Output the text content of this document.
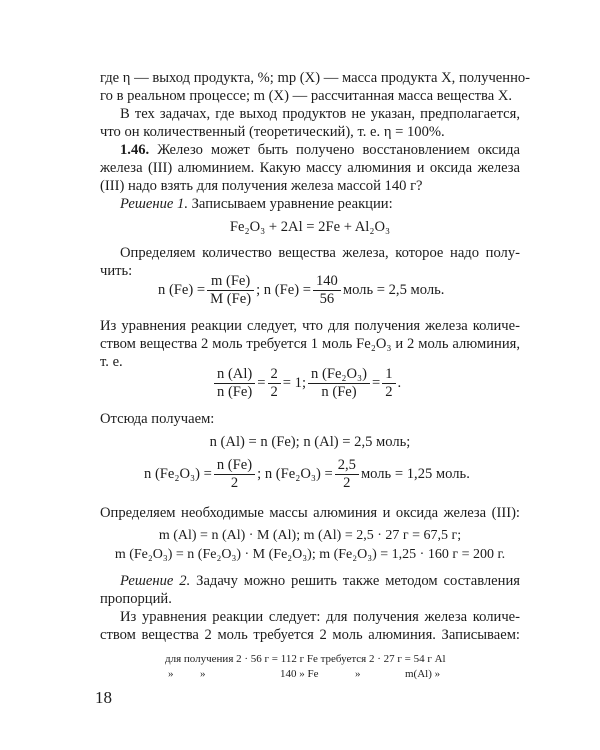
где η — выход продукта, %; mр (X) — масса продукта X, полученно-
го в реальном процессе; m (X) — рассчитанная масса вещества X.
В тех задачах, где выход продуктов не указан, предполагается,
что он количественный (теоретический), т. е. η = 100%.
1.46. Железо может быть получено восстановлением оксида
железа (III) алюминием. Какую массу алюминия и оксида железа
(III) надо взять для получения железа массой 140 г?
Решение 1. Записываем уравнение реакции:
Fe₂O₃ + 2Al = 2Fe + Al₂O₃
Определяем количество вещества железа, которое надо полу-
чить:
n $(Fe) = \frac{m (Fe)}{M (Fe)}$ ; n $(Fe) = \frac{140}{56}$ моль = 2,5 моль.
Из уравнения реакции следует, что для получения железа количе-
ством вещества 2 моль требуется 1 моль Fe₂O₃ и 2 моль алюминия,
т. е.
$\frac{n (Al)}{n (Fe)} = \frac{2}{2} = 1$; $\frac{\text{n (Fe₂O₃)}}{n (Fe)} = \frac{1}{2}$ .
Отсюда получаем:
n (Al) = n (Fe); n (Al) = 2,5 моль;
n $(Fe_2O_3) = \frac{n (Fe)}{2}$ ; n $(Fe_2O_3) = \frac{2,5}{2}$ моль = 1,25 моль.
Определяем необходимые массы алюминия и оксида железа (III):
m (Al) = n (Al) · M (Al); m (Al) = 2,5 · 27 г = 67,5 г;
m (Fe₂O₃) = n (Fe₂O₃) · M (Fe₂O₃); m (Fe₂O₃) = 1,25 · 160 г = 200 г.
Решение 2. Задачу можно решить также методом составления
пропорций.
Из уравнения реакции следует: для получения железа количе-
ством вещества 2 моль требуется 2 моль алюминия. Записываем:
для получения 2 · 56 г = 112 г Fe требуется 2 · 27 г = 54 г Al
» »	140 » Fe	»	m(Al) »
18
